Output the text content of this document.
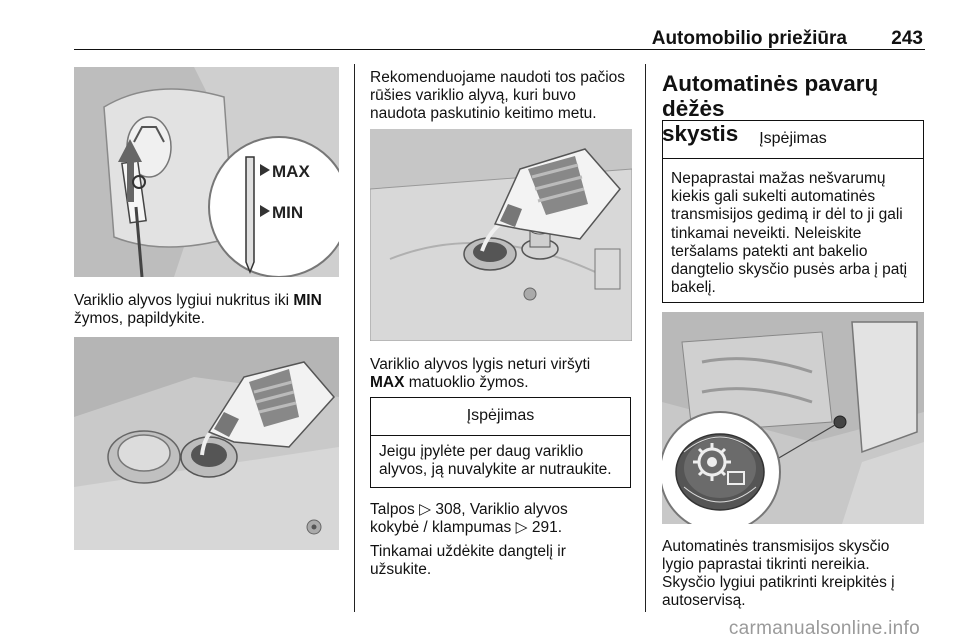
Automobilio priežiūra 243
MAX
MIN
Variklio alyvos lygiui nukritus iki MIN
žymos, papildykite.
Rekomenduojame naudoti tos pačios
rūšies variklio alyvą, kuri buvo
naudota paskutinio keitimo metu.
Variklio alyvos lygis neturi viršyti
MAX matuoklio žymos.
Įspėjimas
Jeigu įpylėte per daug variklio
alyvos, ją nuvalykite ar nutraukite.
Talpos ▷ 308, Variklio alyvos
kokybė / klampumas ▷ 291.
Tinkamai uždėkite dangtelį ir
užsukite.
Automatinės pavarų dėžės
skystis	Įspėjimas
Nepaprastai mažas nešvarumų
kiekis gali sukelti automatinės
transmisijos gedimą ir dėl to ji gali
tinkamai neveikti. Neleiskite
teršalams patekti ant bakelio
dangtelio skysčio pusės arba į patį
bakelį.
Automatinės transmisijos skysčio
lygio paprastai tikrinti nereikia.
Skysčio lygiui patikrinti kreipkitės į
autoservisą.
carmanualsonline.info
